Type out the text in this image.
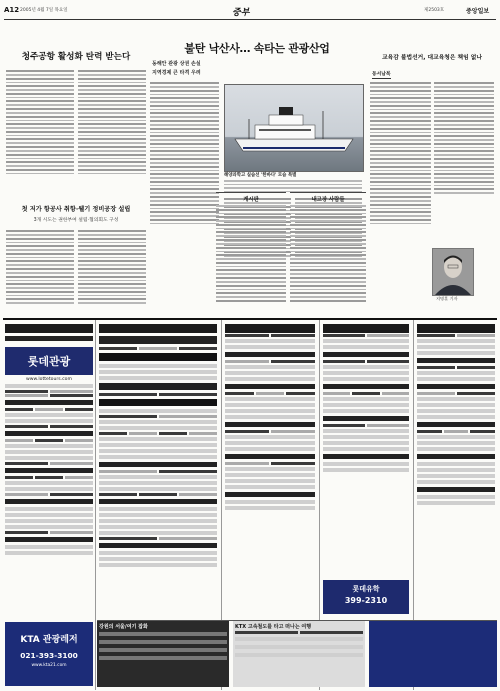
A12 2005년 4월 7일 목요일	중부	제2503호	중앙일보
청주공항 활성화 탄력 받는다
첫 저가 항공사 취항·웰기 정비공장 설립
3개 시도는 권한부여 설립·협의회도 구성
불탄 낙산사… 속타는 관광산업
동해안 관광 상권 손실
지역경제 큰 타격 우려
해양과학고 실습선 '한바다' 모습 특별
게시판	내고장 사람들
교육감 불법선거, 대교육청은 책임 없나
동서남북
지명훈 기자

롯데관광
www.lottetours.com
KTA 관광레저
021-393-3100
www.kta21.com

롯데유학
399-2310

강원의 서울/여기 잡화	KTX 고속철도를 타고 떠나는 여행
